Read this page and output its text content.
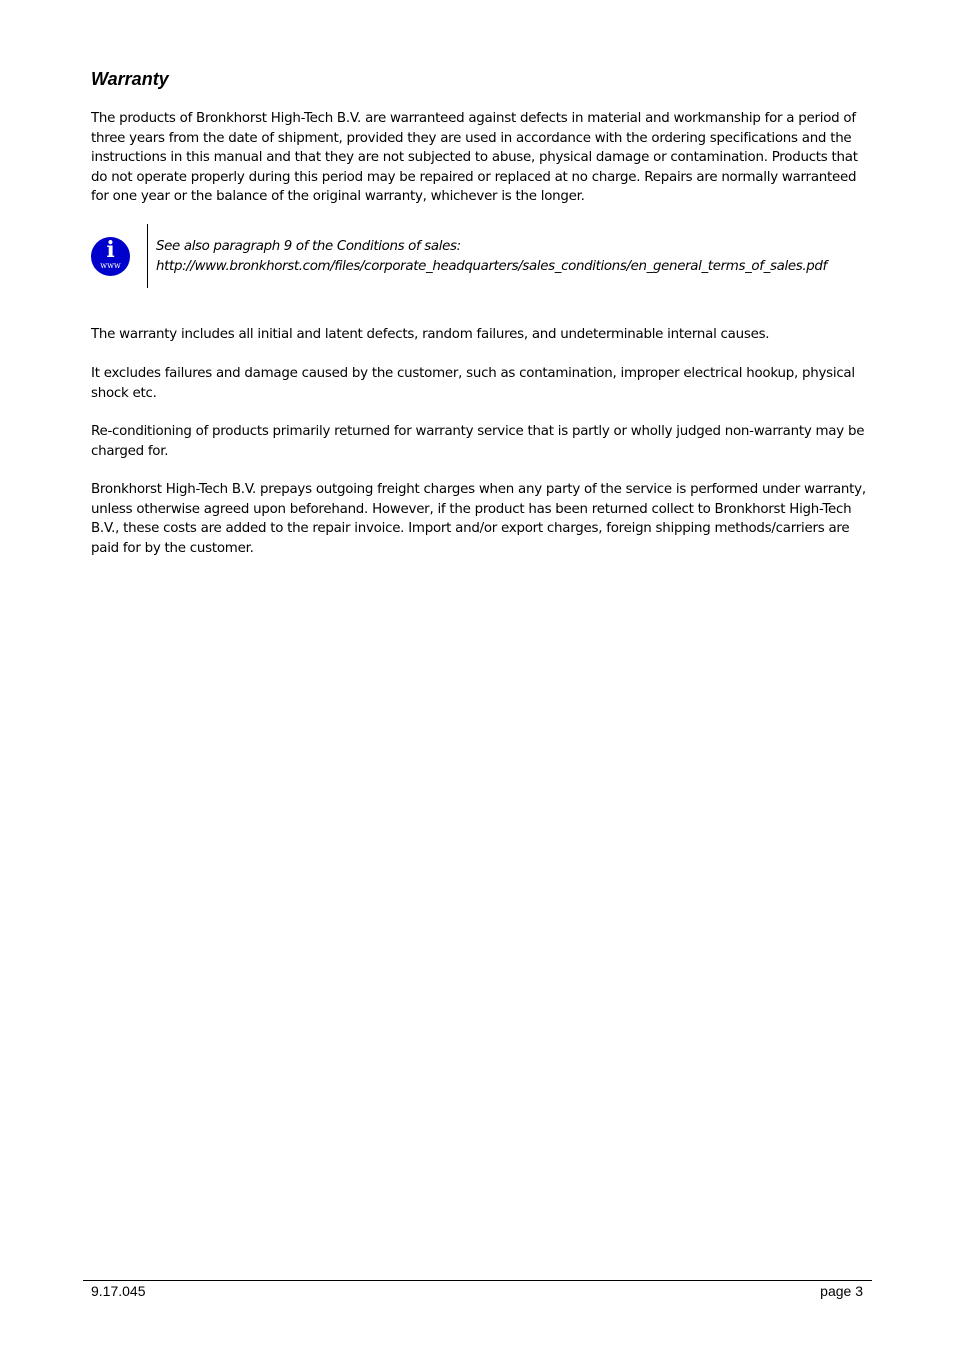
Warranty

The products of Bronkhorst High-Tech B.V. are warranteed against defects in material and workmanship for a period of three years from the date of shipment, provided they are used in accordance with the ordering specifications and the instructions in this manual and that they are not subjected to abuse, physical damage or contamination. Products that do not operate properly during this period may be repaired or replaced at no charge. Repairs are normally warranteed for one year or the balance of the original warranty, whichever is the longer.

i
www
See also paragraph 9 of the Conditions of sales:
http://www.bronkhorst.com/files/corporate_headquarters/sales_conditions/en_general_terms_of_sales.pdf

The warranty includes all initial and latent defects, random failures, and undeterminable internal causes.

It excludes failures and damage caused by the customer, such as contamination, improper electrical hookup, physical shock etc.

Re-conditioning of products primarily returned for warranty service that is partly or wholly judged non-warranty may be charged for.

Bronkhorst High-Tech B.V. prepays outgoing freight charges when any party of the service is performed under warranty, unless otherwise agreed upon beforehand. However, if the product has been returned collect to Bronkhorst High-Tech B.V., these costs are added to the repair invoice. Import and/or export charges, foreign shipping methods/carriers are paid for by the customer.

9.17.045	page 3
